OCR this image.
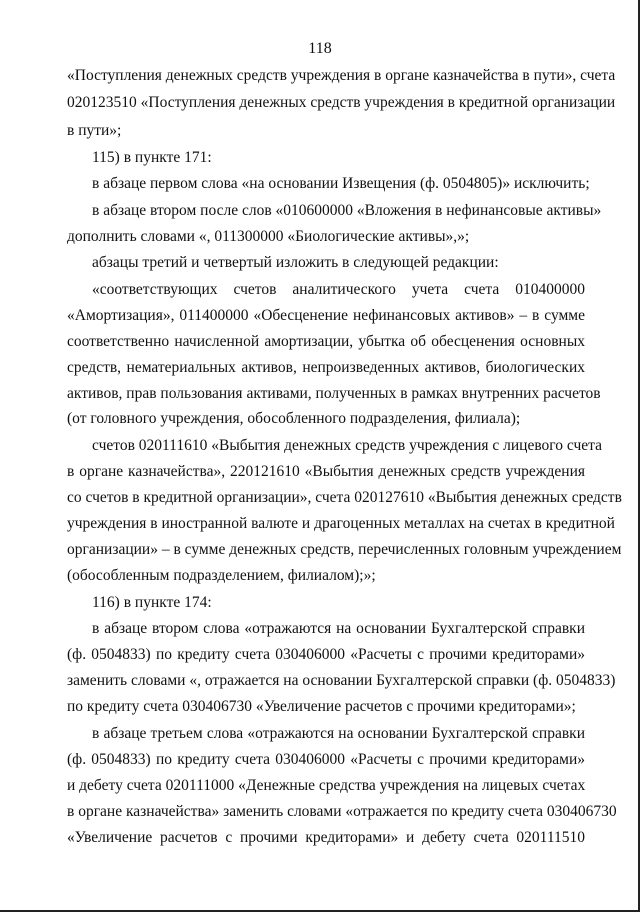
118
«Поступления денежных средств учреждения в органе казначейства в пути», счета
020123510 «Поступления денежных средств учреждения в кредитной организации
в пути»;
115) в пункте 171:
в абзаце первом слова «на основании Извещения (ф. 0504805)» исключить;
в абзаце втором после слов «010600000 «Вложения в нефинансовые активы»
дополнить словами «, 011300000 «Биологические активы»,»;
абзацы третий и четвертый изложить в следующей редакции:
«соответствующих счетов аналитического учета счета 010400000
«Амортизация», 011400000 «Обесценение нефинансовых активов» – в сумме
соответственно начисленной амортизации, убытка об обесценения основных
средств, нематериальных активов, непроизведенных активов, биологических
активов, прав пользования активами, полученных в рамках внутренних расчетов
(от головного учреждения, обособленного подразделения, филиала);
счетов 020111610 «Выбытия денежных средств учреждения с лицевого счета
в органе казначейства», 220121610 «Выбытия денежных средств учреждения
со счетов в кредитной организации», счета 020127610 «Выбытия денежных средств
учреждения в иностранной валюте и драгоценных металлах на счетах в кредитной
организации» – в сумме денежных средств, перечисленных головным учреждением
(обособленным подразделением, филиалом);»;
116) в пункте 174:
в абзаце втором слова «отражаются на основании Бухгалтерской справки
(ф. 0504833) по кредиту счета 030406000 «Расчеты с прочими кредиторами»
заменить словами «, отражается на основании Бухгалтерской справки (ф. 0504833)
по кредиту счета 030406730 «Увеличение расчетов с прочими кредиторами»;
в абзаце третьем слова «отражаются на основании Бухгалтерской справки
(ф. 0504833) по кредиту счета 030406000 «Расчеты с прочими кредиторами»
и дебету счета 020111000 «Денежные средства учреждения на лицевых счетах
в органе казначейства» заменить словами «отражается по кредиту счета 030406730
«Увеличение расчетов с прочими кредиторами» и дебету счета 020111510
